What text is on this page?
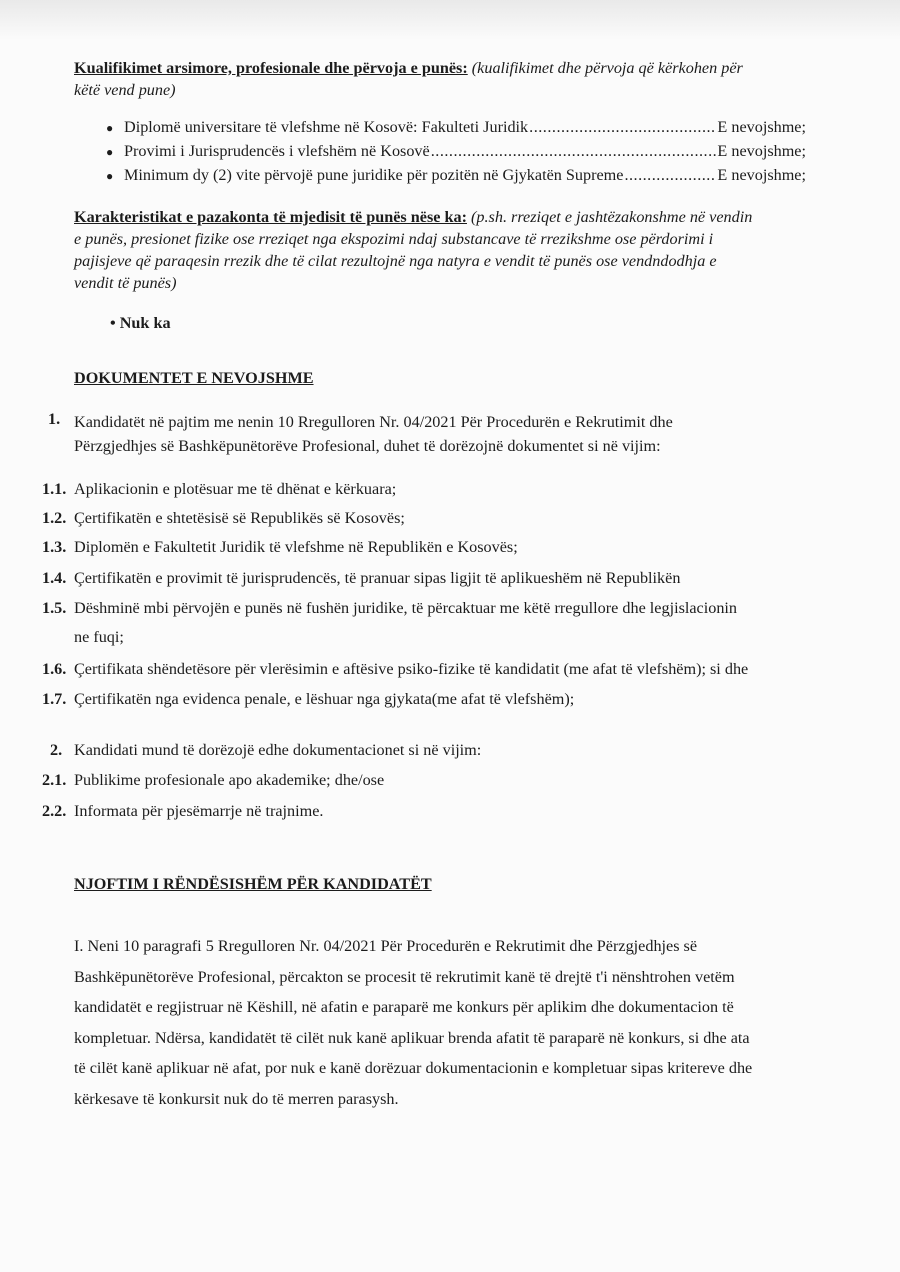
Kualifikimet arsimore, profesionale dhe përvoja e punës: (kualifikimet dhe përvoja që kërkohen për
këtë vend pune)
● Diplomë universitare të vlefshme në Kosovë: Fakulteti Juridik .....	E nevojshme;
● Provimi i Jurisprudencës i vlefshëm në Kosovë .....	E nevojshme;
● Minimum dy (2) vite përvojë pune juridike për pozitën në Gjykatën Supreme .....	E nevojshme;
Karakteristikat e pazakonta të mjedisit të punës nëse ka: (p.sh. rreziqet e jashtëzakonshme në vendin
e punës, presionet fizike ose rreziqet nga ekspozimi ndaj substancave të rrezikshme ose përdorimi i
pajisjeve që paraqesin rrezik dhe të cilat rezultojnë nga natyra e vendit të punës ose vendndodhja e
vendit të punës)
• Nuk ka
DOKUMENTET E NEVOJSHME
1. Kandidatët në pajtim me nenin 10 Rregulloren Nr. 04/2021 Për Procedurën e Rekrutimit dhe
Përzgjedhjes së Bashkëpunëtorëve Profesional, duhet të dorëzojnë dokumentet si në vijim:
1.1. Aplikacionin e plotësuar me të dhënat e kërkuara;
1.2. Çertifikatën e shtetësisë së Republikës së Kosovës;
1.3. Diplomën e Fakultetit Juridik të vlefshme në Republikën e Kosovës;
1.4. Çertifikatën e provimit të jurisprudencës, të pranuar sipas ligjit të aplikueshëm në Republikën
1.5. Dëshminë mbi përvojën e punës në fushën juridike, të përcaktuar me këtë rregullore dhe legjislacionin
ne fuqi;
1.6. Çertifikata shëndetësore për vlerësimin e aftësive psiko-fizike të kandidatit (me afat të vlefshëm); si dhe
1.7. Çertifikatën nga evidenca penale, e lëshuar nga gjykata(me afat të vlefshëm);
2. Kandidati mund të dorëzojë edhe dokumentacionet si në vijim:
2.1. Publikime profesionale apo akademike; dhe/ose
2.2. Informata për pjesëmarrje në trajnime.
NJOFTIM I RËNDËSISHËM PËR KANDIDATËT
I. Neni 10 paragrafi 5 Rregulloren Nr. 04/2021 Për Procedurën e Rekrutimit dhe Përzgjedhjes së
Bashkëpunëtorëve Profesional, përcakton se procesit të rekrutimit kanë të drejtë t'i nënshtrohen vetëm
kandidatët e regjistruar në Këshill, në afatin e paraparë me konkurs për aplikim dhe dokumentacion të
kompletuar. Ndërsa, kandidatët të cilët nuk kanë aplikuar brenda afatit të paraparë në konkurs, si dhe ata
të cilët kanë aplikuar në afat, por nuk e kanë dorëzuar dokumentacionin e kompletuar sipas kritereve dhe
kërkesave të konkursit nuk do të merren parasysh.
